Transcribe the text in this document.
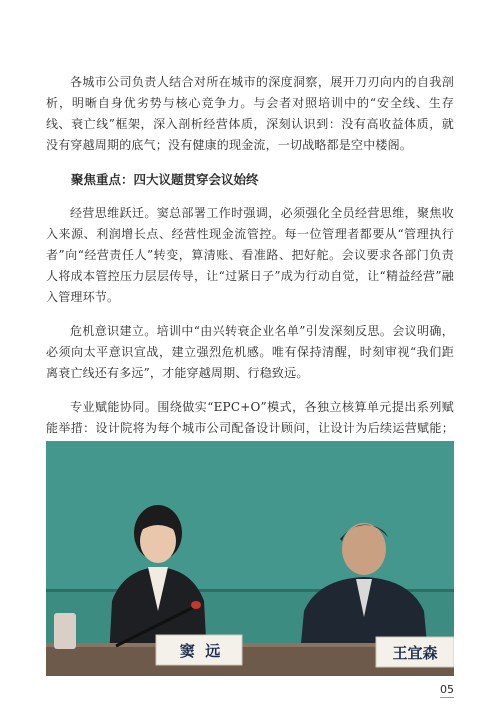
各城市公司负责人结合对所在城市的深度洞察，展开刀刃向内的自我剖析，明晰自身优劣势与核心竞争力。与会者对照培训中的“安全线、生存线、衰亡线”框架，深入剖析经营体质，深刻认识到：没有高收益体质，就没有穿越周期的底气；没有健康的现金流，一切战略都是空中楼阁。

聚焦重点：四大议题贯穿会议始终

经营思维跃迁。窦总部署工作时强调，必须强化全员经营思维，聚焦收入来源、利润增长点、经营性现金流管控。每一位管理者都要从“管理执行者”向“经营责任人”转变，算清账、看准路、把好舵。会议要求各部门负责人将成本管控压力层层传导，让“过紧日子”成为行动自觉，让“精益经营”融入管理环节。

危机意识建立。培训中“由兴转衰企业名单”引发深刻反思。会议明确，必须向太平意识宣战，建立强烈危机感。唯有保持清醒，时刻审视“我们距离衰亡线还有多远”，才能穿越周期、行稳致远。

专业赋能协同。围绕做实“EPC+O”模式，各独立核算单元提出系列赋能举措：设计院将为每个城市公司配备设计顾问，让设计为后续运营赋能；

窦  远	王宜森
05
